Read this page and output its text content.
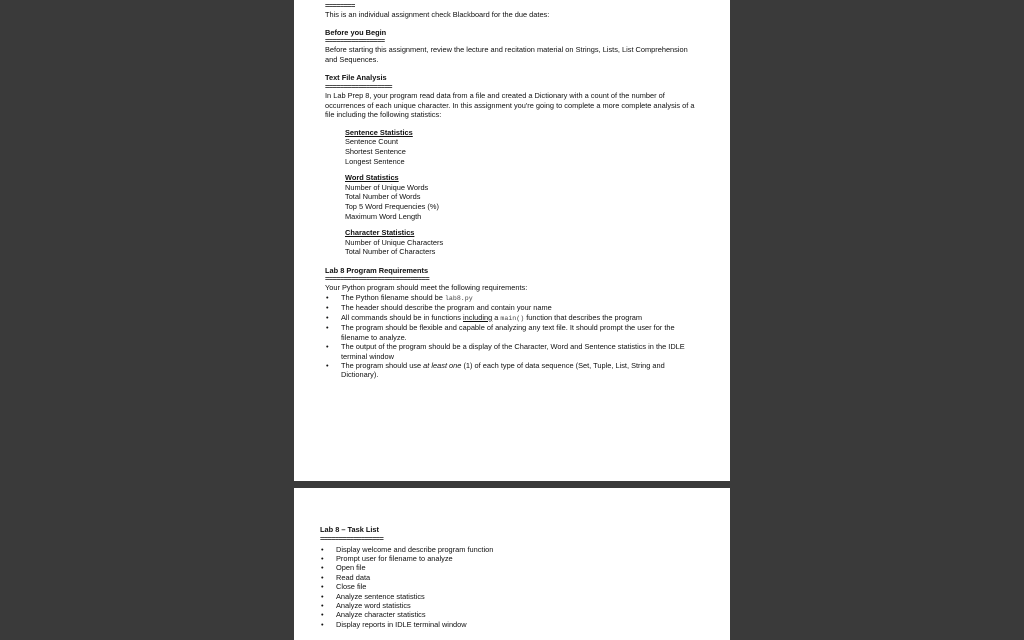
========

This is an individual assignment check Blackboard for the due dates:

Before you Begin

================

Before starting this assignment, review the lecture and recitation material on Strings, Lists, List Comprehension and Sequences.

Text File Analysis

==================

In Lab Prep 8, your program read data from a file and created a Dictionary with a count of the number of occurrences of each unique character. In this assignment you're going to complete a more complete analysis of a file including the following statistics:

Sentence Statistics

Sentence Count

Shortest Sentence

Longest Sentence

Word Statistics

Number of Unique Words

Total Number of Words

Top 5 Word Frequencies (%)

Maximum Word Length

Character Statistics

Number of Unique Characters

Total Number of Characters

Lab 8 Program Requirements

============================

Your Python program should meet the following requirements:

• The Python filename should be lab8.py
• The header should describe the program and contain your name
• All commands should be in functions including a main() function that describes the program
• The program should be flexible and capable of analyzing any text file. It should prompt the user for the filename to analyze.
• The output of the program should be a display of the Character, Word and Sentence statistics in the IDLE terminal window
• The program should use at least one (1) of each type of data sequence (Set, Tuple, List, String and Dictionary).

Lab 8 – Task List

=================

• Display welcome and describe program function
• Prompt user for filename to analyze
• Open file
• Read data
• Close file
• Analyze sentence statistics
• Analyze word statistics
• Analyze character statistics
• Display reports in IDLE terminal window
